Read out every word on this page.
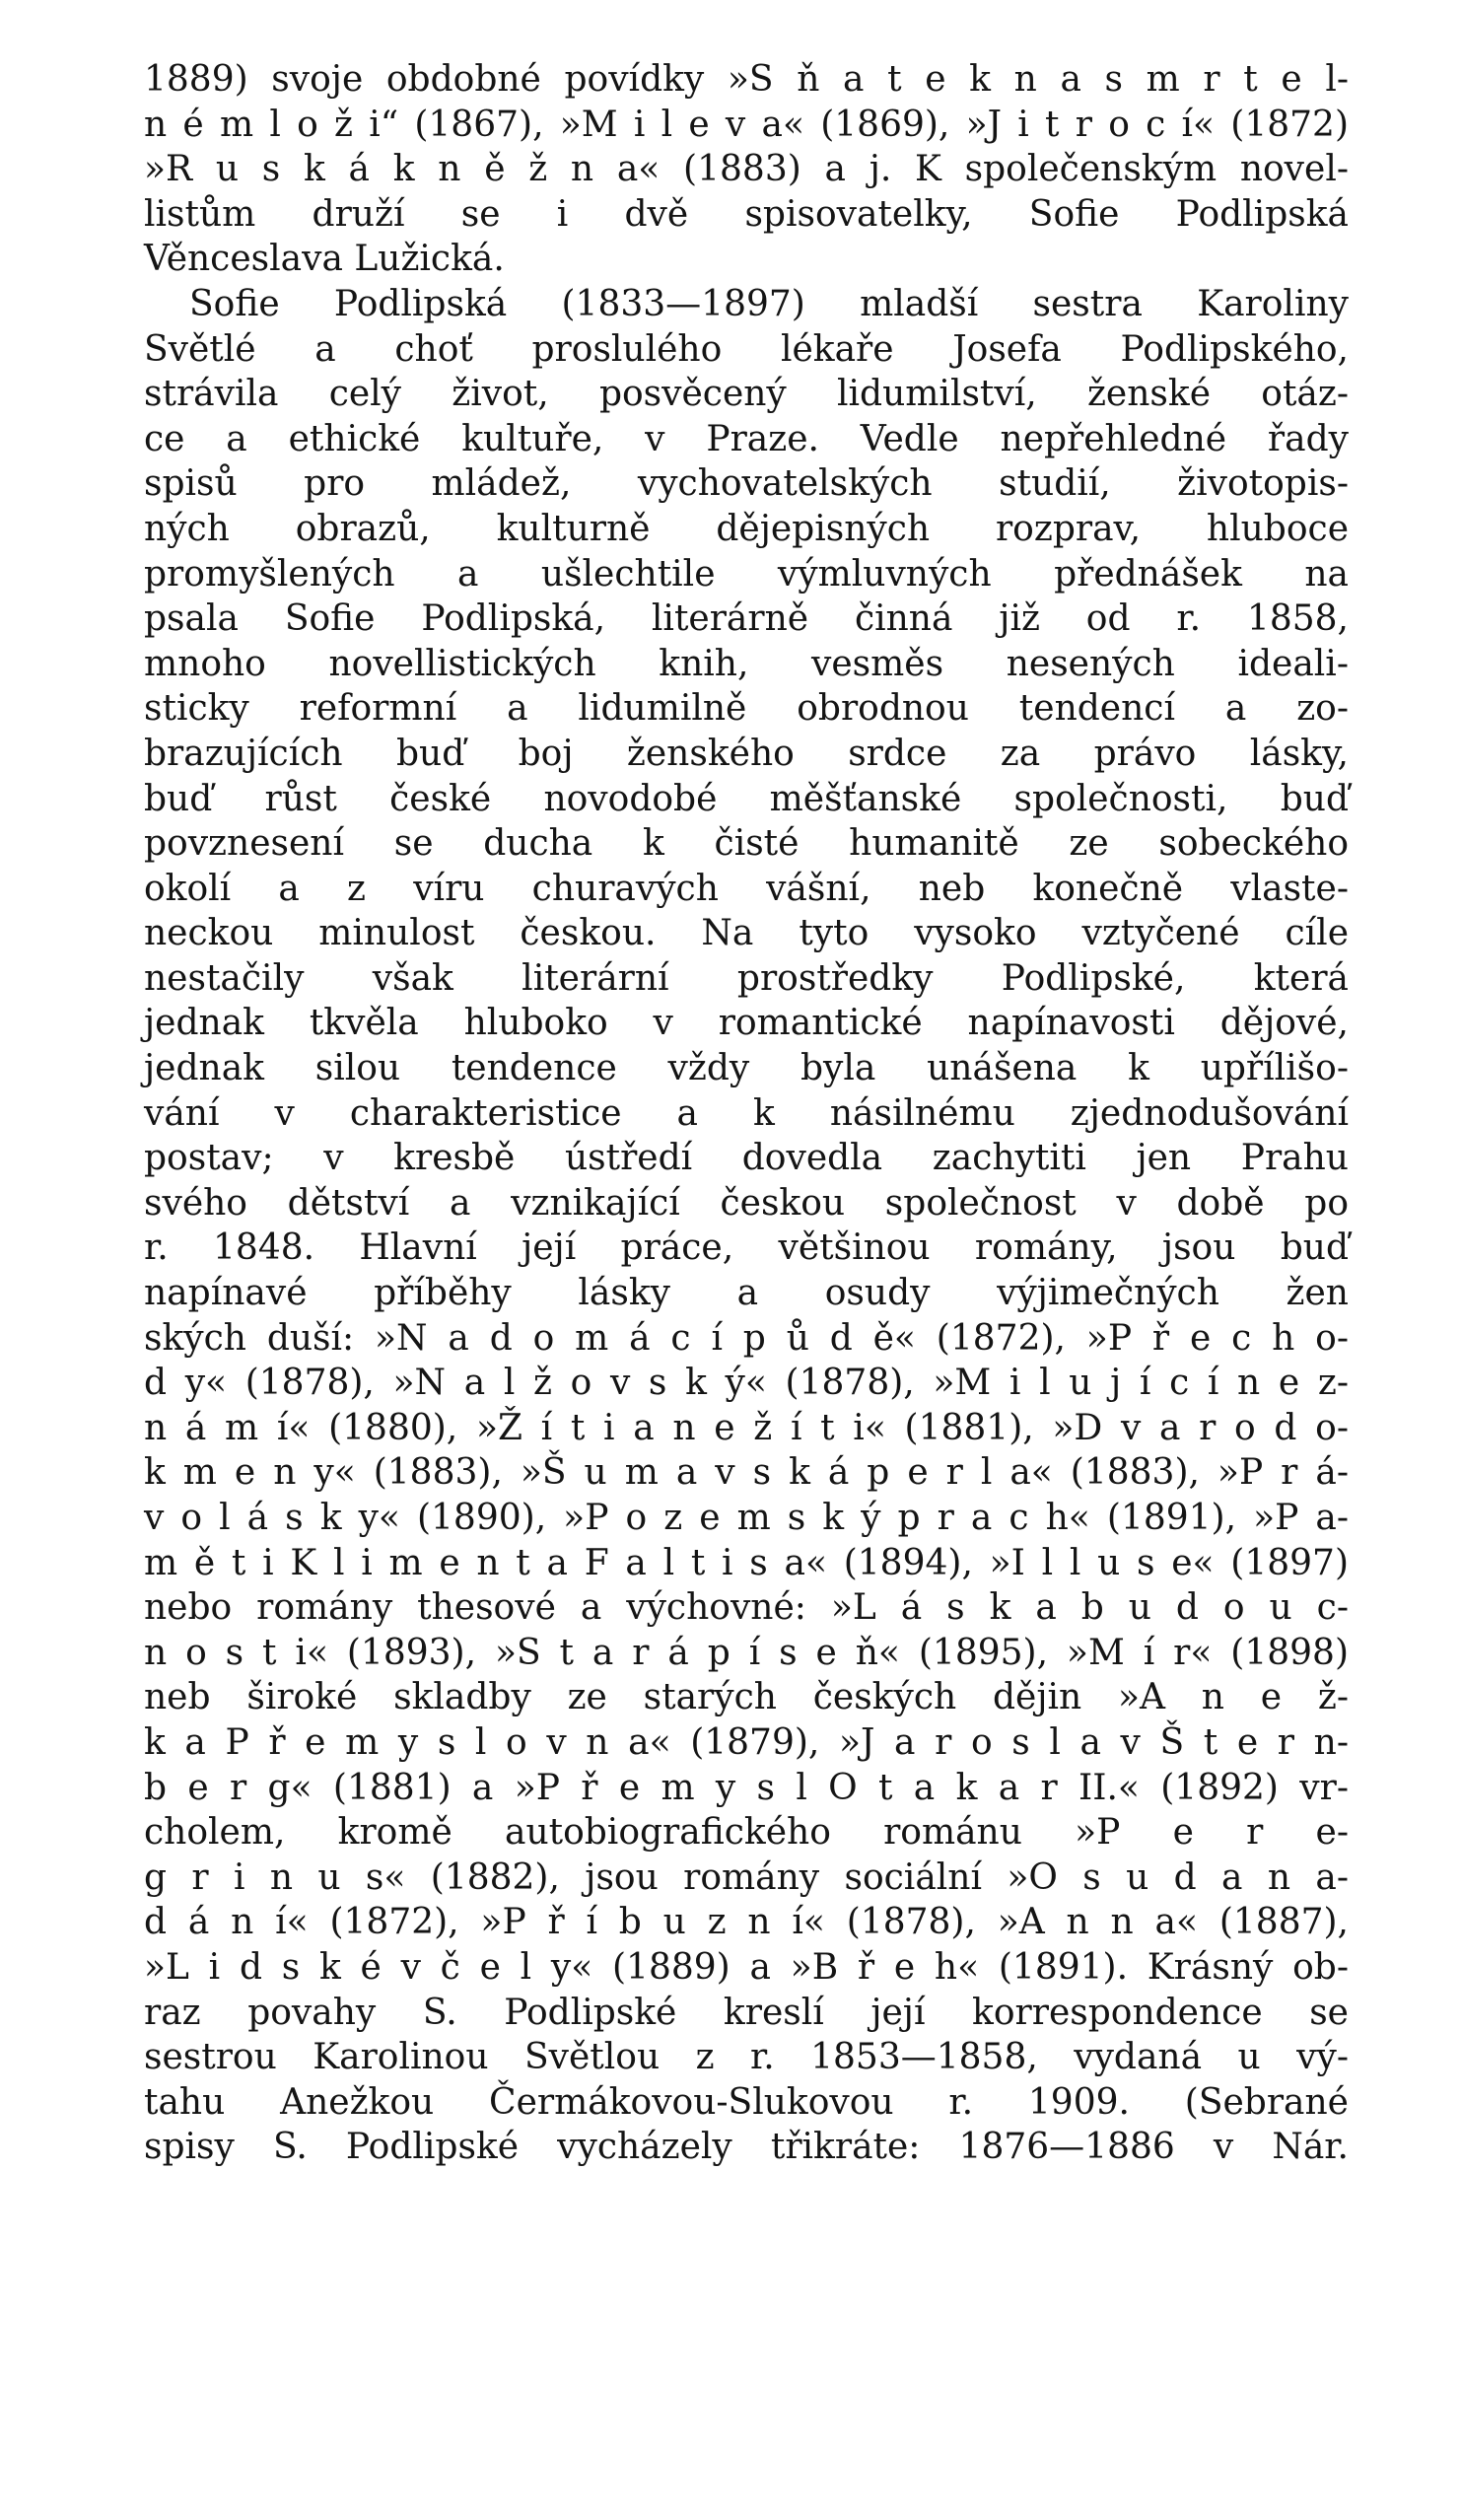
1889) svoje obdobné povídky »S ň a t e k n a s m r t e l-
n é m l o ž i“ (1867), »M i l e v a« (1869), »J i t r o c í« (1872)
»R u s k á k n ě ž n a« (1883) a j. K společenským novel-
listům druží se i dvě spisovatelky, Sofie Podlipská
Věnceslava Lužická.
Sofie Podlipská (1833—1897) mladší sestra Karoliny
Světlé a choť proslulého lékaře Josefa Podlipského,
strávila celý život, posvěcený lidumilství, ženské otáz-
ce a ethické kultuře, v Praze. Vedle nepřehledné řady
spisů pro mládež, vychovatelských studií, životopis-
ných obrazů, kulturně dějepisných rozprav, hluboce
promyšlených a ušlechtile výmluvných přednášek na
psala Sofie Podlipská, literárně činná již od r. 1858,
mnoho novellistických knih, vesměs nesených ideali-
sticky reformní a lidumilně obrodnou tendencí a zo-
brazujících buď boj ženského srdce za právo lásky,
buď růst české novodobé měšťanské společnosti, buď
povznesení se ducha k čisté humanitě ze sobeckého
okolí a z víru churavých vášní, neb konečně vlaste-
neckou minulost českou. Na tyto vysoko vztyčené cíle
nestačily však literární prostředky Podlipské, která
jednak tkvěla hluboko v romantické napínavosti dějové,
jednak silou tendence vždy byla unášena k upřílišo-
vání v charakteristice a k násilnému zjednodušování
postav; v kresbě ústředí dovedla zachytiti jen Prahu
svého dětství a vznikající českou společnost v době po
r. 1848. Hlavní její práce, většinou romány, jsou buď
napínavé příběhy lásky a osudy výjimečných žen
ských duší: »N a d o m á c í p ů d ě« (1872), »P ř e c h o-
d y« (1878), »N a l ž o v s k ý« (1878), »M i l u j í c í n e z-
n á m í« (1880), »Ž í t i a n e ž í t i« (1881), »D v a r o d o-
k m e n y« (1883), »Š u m a v s k á p e r l a« (1883), »P r á-
v o l á s k y« (1890), »P o z e m s k ý p r a c h« (1891), »P a-
m ě t i K l i m e n t a F a l t i s a« (1894), »I l l u s e« (1897)
nebo romány thesové a výchovné: »L á s k a b u d o u c-
n o s t i« (1893), »S t a r á p í s e ň« (1895), »M í r« (1898)
neb široké skladby ze starých českých dějin »A n e ž-
k a P ř e m y s l o v n a« (1879), »J a r o s l a v Š t e r n-
b e r g« (1881) a »P ř e m y s l O t a k a r II.« (1892) vr-
cholem, kromě autobiografického románu »P e r e-
g r i n u s« (1882), jsou romány sociální »O s u d a n a-
d á n í« (1872), »P ř í b u z n í« (1878), »A n n a« (1887),
»L i d s k é v č e l y« (1889) a »B ř e h« (1891). Krásný ob-
raz povahy S. Podlipské kreslí její korrespondence se
sestrou Karolinou Světlou z r. 1853—1858, vydaná u vý-
tahu Anežkou Čermákovou-Slukovou r. 1909. (Sebrané
spisy S. Podlipské vycházely třikráte: 1876—1886 v Nár.
